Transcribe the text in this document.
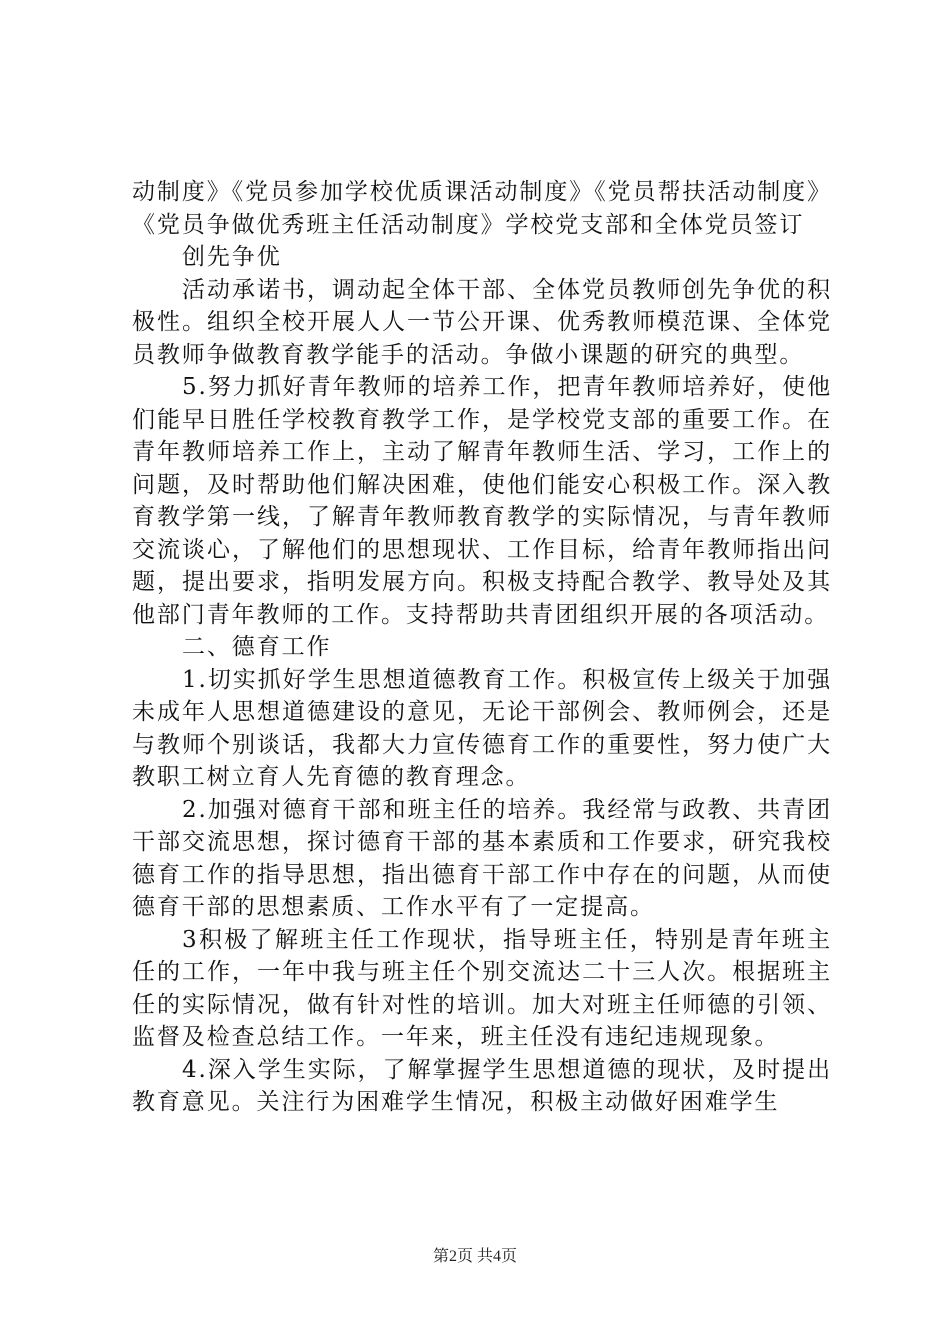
动制度》《党员参加学校优质课活动制度》《党员帮扶活动制度》《党员争做优秀班主任活动制度》学校党支部和全体党员签订

创先争优

活动承诺书，调动起全体干部、全体党员教师创先争优的积极性。组织全校开展人人一节公开课、优秀教师模范课、全体党员教师争做教育教学能手的活动。争做小课题的研究的典型。

5.努力抓好青年教师的培养工作，把青年教师培养好，使他们能早日胜任学校教育教学工作，是学校党支部的重要工作。在青年教师培养工作上，主动了解青年教师生活、学习，工作上的问题，及时帮助他们解决困难，使他们能安心积极工作。深入教育教学第一线，了解青年教师教育教学的实际情况，与青年教师交流谈心，了解他们的思想现状、工作目标，给青年教师指出问题，提出要求，指明发展方向。积极支持配合教学、教导处及其他部门青年教师的工作。支持帮助共青团组织开展的各项活动。

二、德育工作

1.切实抓好学生思想道德教育工作。积极宣传上级关于加强未成年人思想道德建设的意见，无论干部例会、教师例会，还是与教师个别谈话，我都大力宣传德育工作的重要性，努力使广大教职工树立育人先育德的教育理念。

2.加强对德育干部和班主任的培养。我经常与政教、共青团干部交流思想，探讨德育干部的基本素质和工作要求，研究我校德育工作的指导思想，指出德育干部工作中存在的问题，从而使德育干部的思想素质、工作水平有了一定提高。

3积极了解班主任工作现状，指导班主任，特别是青年班主任的工作，一年中我与班主任个别交流达二十三人次。根据班主任的实际情况，做有针对性的培训。加大对班主任师德的引领、监督及检查总结工作。一年来，班主任没有违纪违规现象。

4.深入学生实际，了解掌握学生思想道德的现状，及时提出教育意见。关注行为困难学生情况，积极主动做好困难学生

第2页 共4页
